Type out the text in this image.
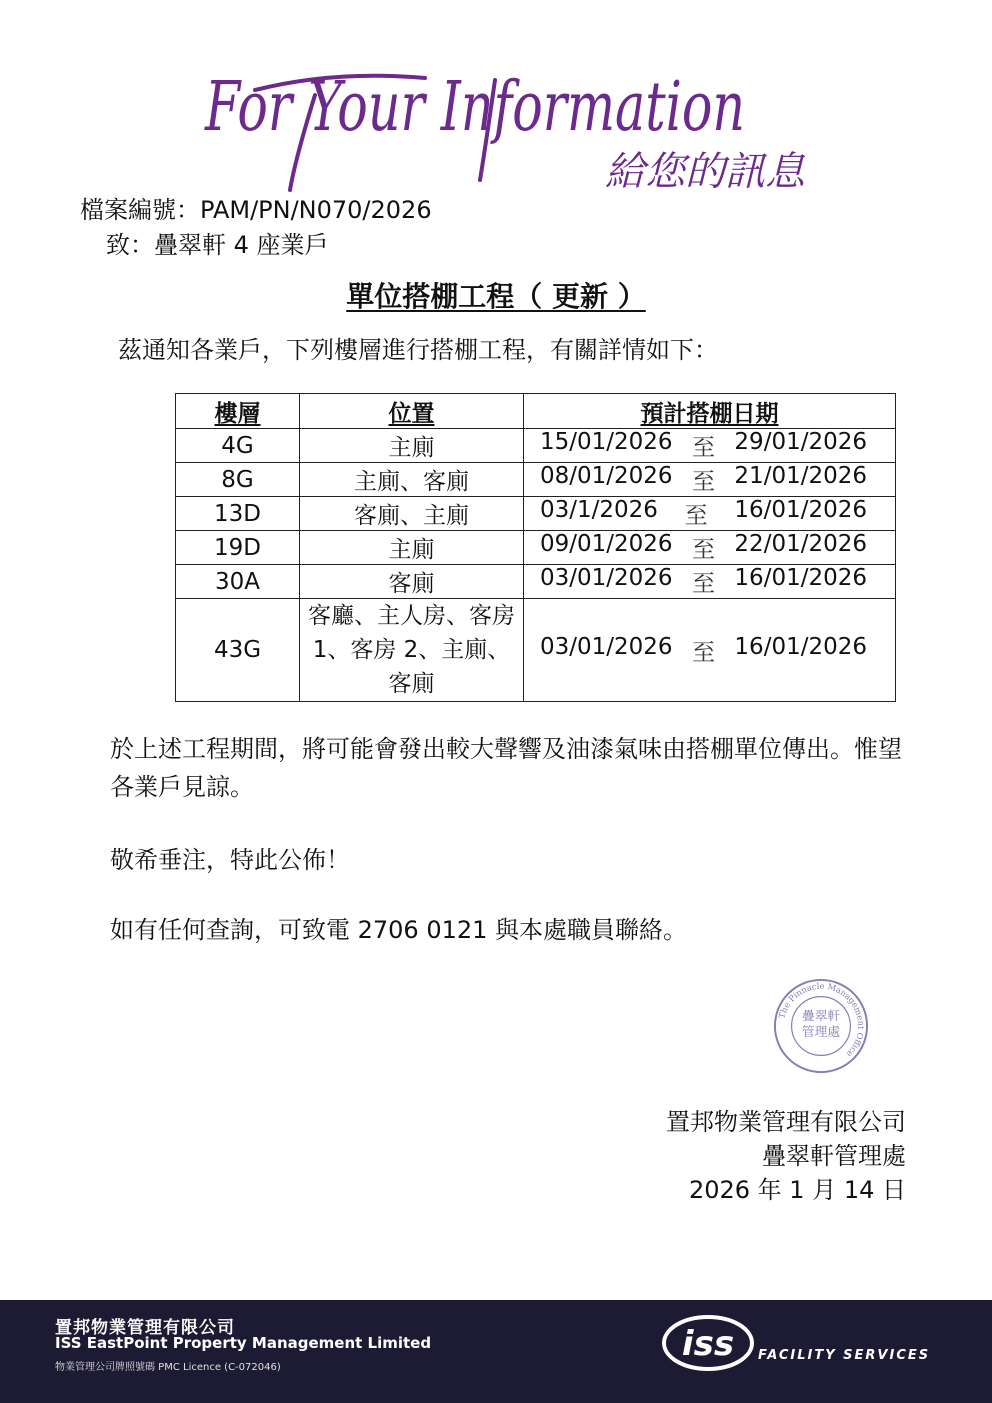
For Your Information
給您的訊息
檔案編號：PAM/PN/N070/2026
致：疊翠軒 4 座業戶
單位搭棚工程（ 更新 ）
茲通知各業戶，下列樓層進行搭棚工程，有關詳情如下：
樓層	位置	預計搭棚日期
4G	主廁	15/01/2026 至 29/01/2026

8G	主廁、客廁	08/01/2026 至 21/01/2026

13D	客廁、主廁	03/1/2026 至 16/01/2026

19D	主廁	09/01/2026 至 22/01/2026

30A	客廁	03/01/2026 至 16/01/2026

43G	客廳、主人房、客房 1、客房 2、主廁、客廁	03/01/2026 至 16/01/2026
於上述工程期間，將可能會發出較大聲響及油漆氣味由搭棚單位傳出。惟望各業戶見諒。
敬希垂注，特此公佈！
如有任何查詢，可致電 2706 0121 與本處職員聯絡。
The Pinnacle Management Office
疊翠軒管理處
置邦物業管理有限公司
疊翠軒管理處
2026 年 1 月 14 日
置邦物業管理有限公司
ISS EastPoint Property Management Limited
物業管理公司牌照號碼 PMC Licence (C-072046)
iss FACILITY SERVICES
